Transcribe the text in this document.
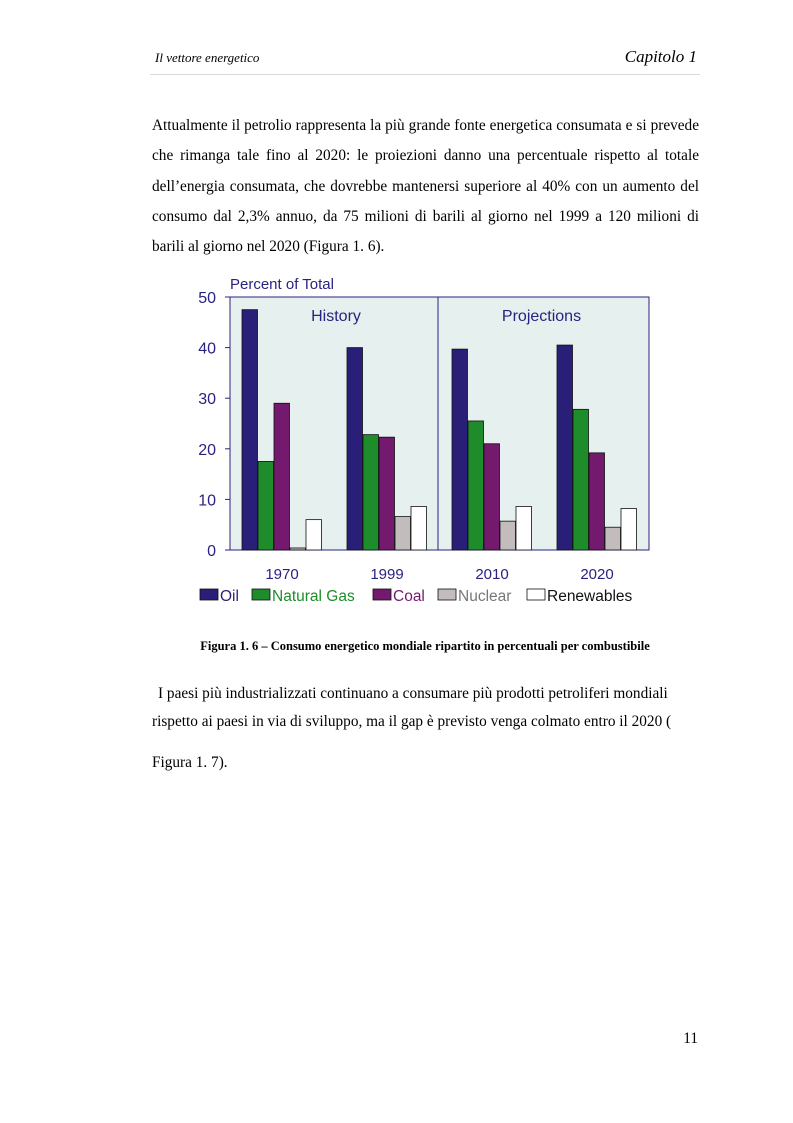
Il vettore energetico	Capitolo 1

Attualmente il petrolio rappresenta la più grande fonte energetica consumata e si prevede che rimanga tale fino al 2020: le proiezioni danno una percentuale rispetto al totale dell’energia consumata, che dovrebbe mantenersi superiore al 40% con un aumento del consumo dal 2,3% annuo, da 75 milioni di barili al giorno nel 1999 a 120 milioni di barili al giorno nel 2020 (Figura 1. 6).

Percent of Total
History	Projections
0
10
20
30
40
50
1970	1999	2010	2020
Oil Natural Gas Coal Nuclear Renewables

Figura 1. 6 – Consumo energetico mondiale ripartito in percentuali per combustibile

I paesi più industrializzati continuano a consumare più prodotti petroliferi mondiali
rispetto ai paesi in via di sviluppo, ma il gap è previsto venga colmato entro il 2020 (

Figura 1. 7).

11
